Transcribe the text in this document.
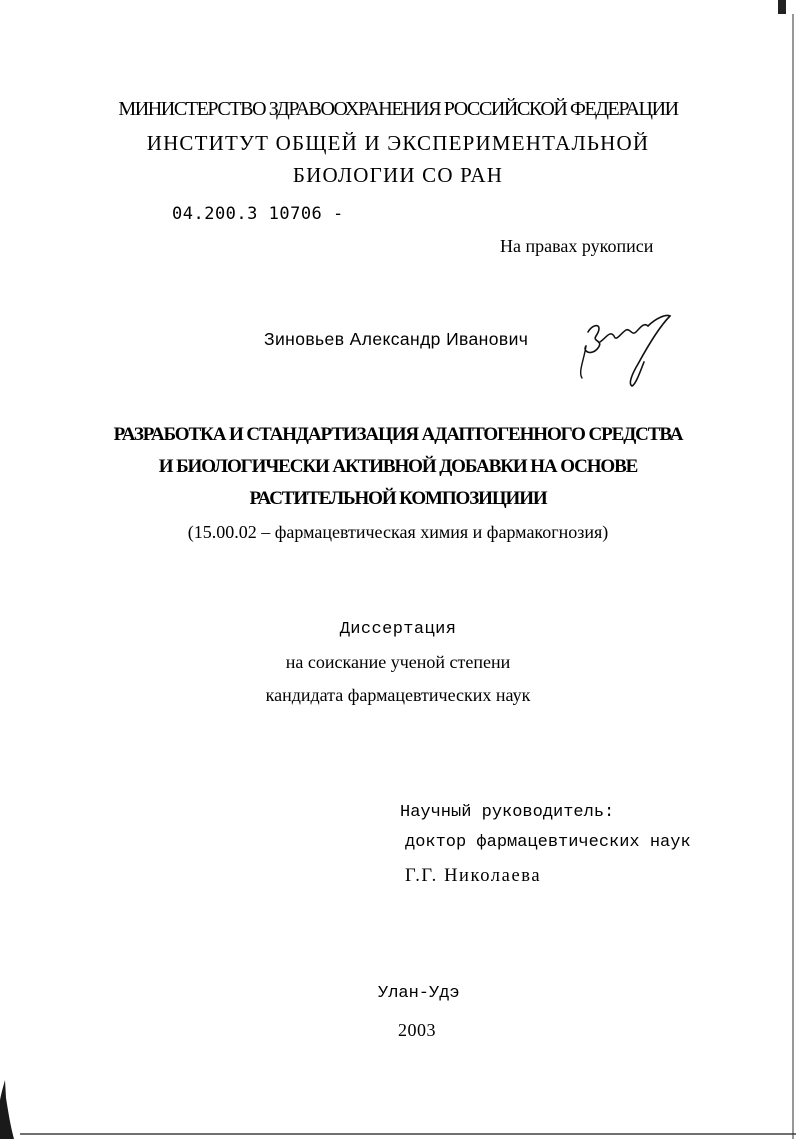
МИНИСТЕРСТВО ЗДРАВООХРАНЕНИЯ РОССИЙСКОЙ ФЕДЕРАЦИИ

ИНСТИТУТ ОБЩЕЙ И ЭКСПЕРИМЕНТАЛЬНОЙ

БИОЛОГИИ СО РАН

04.200.3 10706 -

На правах рукописи

Зиновьев Александр Иванович

РАЗРАБОТКА И СТАНДАРТИЗАЦИЯ АДАПТОГЕННОГО СРЕДСТВА

И БИОЛОГИЧЕСКИ АКТИВНОЙ ДОБАВКИ НА ОСНОВЕ

РАСТИТЕЛЬНОЙ КОМПОЗИЦИИИ

(15.00.02 – фармацевтическая химия и фармакогнозия)

Диссертация

на соискание ученой степени

кандидата фармацевтических наук

Научный руководитель:

доктор фармацевтических наук

Г.Г. Николаева

Улан-Удэ

2003
